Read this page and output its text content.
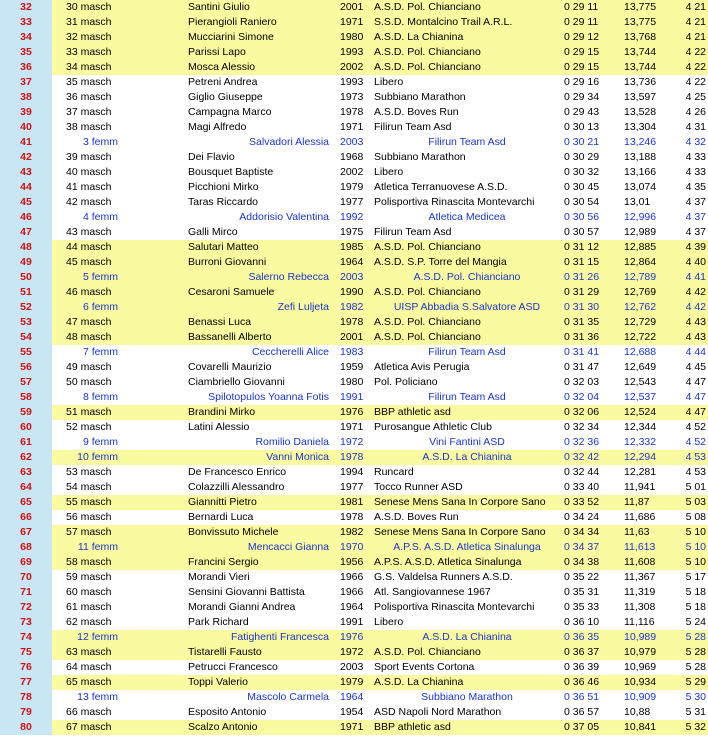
32	30 masch	Santini Giulio	2001	A.S.D. Pol. Chianciano	0 29 11	13,775	4 21
33	31 masch	Pierangioli Raniero	1971	S.S.D. Montalcino Trail A.R.L.	0 29 11	13,775	4 21
34	32 masch	Mucciarini Simone	1980	A.S.D. La Chianina	0 29 12	13,768	4 21
35	33 masch	Parissi Lapo	1993	A.S.D. Pol. Chianciano	0 29 15	13,744	4 22
36	34 masch	Mosca Alessio	2002	A.S.D. Pol. Chianciano	0 29 15	13,744	4 22
37	35 masch	Petreni Andrea	1993	Libero	0 29 16	13,736	4 22
38	36 masch	Giglio Giuseppe	1973	Subbiano Marathon	0 29 34	13,597	4 25
39	37 masch	Campagna Marco	1978	A.S.D. Boves Run	0 29 43	13,528	4 26
40	38 masch	Magi Alfredo	1971	Filirun Team Asd	0 30 13	13,304	4 31
41	3 femm	Salvadori Alessia 2003	Filirun Team Asd	0 30 21	13,246	4 32
42	39 masch	Dei Flavio	1968	Subbiano Marathon	0 30 29	13,188	4 33
43	40 masch	Bousquet Baptiste	2002	Libero	0 30 32	13,166	4 33
44	41 masch	Picchioni Mirko	1979	Atletica Terranuovese A.S.D.	0 30 45	13,074	4 35
45	42 masch	Taras Riccardo	1977	Polisportiva Rinascita Montevarchi	0 30 54	13,01	4 37
46	4 femm	Addorisio Valentina 1992	Atletica Medicea	0 30 56	12,996	4 37
47	43 masch	Galli Mirco	1975	Filirun Team Asd	0 30 57	12,989	4 37
48	44 masch	Salutari Matteo	1985	A.S.D. Pol. Chianciano	0 31 12	12,885	4 39
49	45 masch	Burroni Giovanni	1964	A.S.D. S.P. Torre del Mangia	0 31 15	12,864	4 40
50	5 femm	Salerno Rebecca 2003	A.S.D. Pol. Chianciano	0 31 26	12,789	4 41
51	46 masch	Cesaroni Samuele	1990	A.S.D. Pol. Chianciano	0 31 29	12,769	4 42
52	6 femm	Zefi Luljeta 1982	UISP Abbadia S.Salvatore ASD	0 31 30	12,762	4 42
53	47 masch	Benassi Luca	1978	A.S.D. Pol. Chianciano	0 31 35	12,729	4 43
54	48 masch	Bassanelli Alberto	2001	A.S.D. Pol. Chianciano	0 31 36	12,722	4 43
55	7 femm	Ceccherelli Alice 1983	Filirun Team Asd	0 31 41	12,688	4 44
56	49 masch	Covarelli Maurizio	1959	Atletica Avis Perugia	0 31 47	12,649	4 45
57	50 masch	Ciambriello Giovanni	1980	Pol. Policiano	0 32 03	12,543	4 47
58	8 femm	Spilotopulos Yoanna Fotis 1991	Filirun Team Asd	0 32 04	12,537	4 47
59	51 masch	Brandini Mirko	1976	BBP athletic asd	0 32 06	12,524	4 47
60	52 masch	Latini Alessio	1971	Purosangue Athletic Club	0 32 34	12,344	4 52
61	9 femm	Romilio Daniela 1972	Vini Fantini ASD	0 32 36	12,332	4 52
62	10 femm	Vanni Monica 1978	A.S.D. La Chianina	0 32 42	12,294	4 53
63	53 masch	De Francesco Enrico	1994	Runcard	0 32 44	12,281	4 53
64	54 masch	Colazzilli Alessandro	1977	Tocco Runner ASD	0 33 40	11,941	5 01
65	55 masch	Giannitti Pietro	1981	Senese Mens Sana In Corpore Sano	0 33 52	11,87	5 03
66	56 masch	Bernardi Luca	1978	A.S.D. Boves Run	0 34 24	11,686	5 08
67	57 masch	Bonvissuto Michele	1982	Senese Mens Sana In Corpore Sano	0 34 34	11,63	5 10
68	11 femm	Mencacci Gianna 1970	A.P.S. A.S.D. Atletica Sinalunga	0 34 37	11,613	5 10
69	58 masch	Francini Sergio	1956	A.P.S. A.S.D. Atletica Sinalunga	0 34 38	11,608	5 10
70	59 masch	Morandi Vieri	1966	G.S. Valdelsa Runners A.S.D.	0 35 22	11,367	5 17
71	60 masch	Sensini Giovanni Battista	1966	Atl. Sangiovannese 1967	0 35 31	11,319	5 18
72	61 masch	Morandi Gianni Andrea	1964	Polisportiva Rinascita Montevarchi	0 35 33	11,308	5 18
73	62 masch	Park Richard	1991	Libero	0 36 10	11,116	5 24
74	12 femm	Fatighenti Francesca 1976	A.S.D. La Chianina	0 36 35	10,989	5 28
75	63 masch	Tistarelli Fausto	1972	A.S.D. Pol. Chianciano	0 36 37	10,979	5 28
76	64 masch	Petrucci Francesco	2003	Sport Events Cortona	0 36 39	10,969	5 28
77	65 masch	Toppi Valerio	1979	A.S.D. La Chianina	0 36 46	10,934	5 29
78	13 femm	Mascolo Carmela 1964	Subbiano Marathon	0 36 51	10,909	5 30
79	66 masch	Esposito Antonio	1954	ASD Napoli Nord Marathon	0 36 57	10,88	5 31
80	67 masch	Scalzo Antonio	1971	BBP athletic asd	0 37 05	10,841	5 32
